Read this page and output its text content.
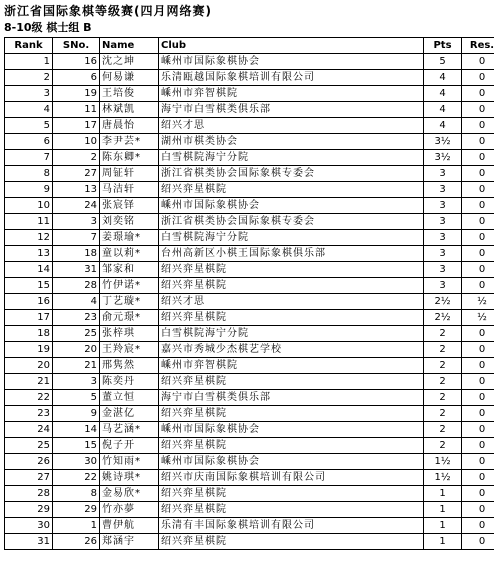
浙江省国际象棋等级赛(四月网络赛)
8-10级 棋士组 B
Rank	SNo.	Name	Club	Pts	Res.
1	16	沈之坤	嵊州市国际象棋协会	5	0
2	6	何易谦	乐清瓯越国际象棋培训有限公司	4	0
3	19	王培俊	嵊州市弈智棋院	4	0
4	11	林斌凯	海宁市白雪棋类俱乐部	4	0
5	17	唐晨怡	绍兴才思	4	0
6	10	李尹芸*	湖州市棋类协会	3½	0
7	2	陈东卿*	白雪棋院海宁分院	3½	0
8	27	周钲轩	浙江省棋类协会国际象棋专委会	3	0
9	13	马洁轩	绍兴弈星棋院	3	0
10	24	张宸铎	嵊州市国际象棋协会	3	0
11	3	刘奕铭	浙江省棋类协会国际象棋专委会	3	0
12	7	姜璟瑜*	白雪棋院海宁分院	3	0
13	18	童以莉*	台州高新区小棋王国际象棋俱乐部	3	0
14	31	邹家和	绍兴弈星棋院	3	0
15	28	竹伊诺*	绍兴弈星棋院	3	0
16	4	丁艺璇*	绍兴才思	2½	½
17	23	俞元璟*	绍兴弈星棋院	2½	½
18	25	张梓琪	白雪棋院海宁分院	2	0
19	20	王羚宸*	嘉兴市秀城少杰棋艺学校	2	0
20	21	邢隽然	嵊州市弈智棋院	2	0
21	3	陈奕丹	绍兴弈星棋院	2	0
22	5	董立恒	海宁市白雪棋类俱乐部	2	0
23	9	金湛亿	绍兴弈星棋院	2	0
24	14	马艺涵*	嵊州市国际象棋协会	2	0
25	15	倪子开	绍兴弈星棋院	2	0
26	30	竹知雨*	嵊州市国际象棋协会	1½	0
27	22	姚诗琪*	绍兴市庆南国际象棋培训有限公司	1½	0
28	8	金易欣*	绍兴弈星棋院	1	0
29	29	竹亦夢	绍兴弈星棋院	1	0
30	1	曹伊航	乐清有丰国际象棋培训有限公司	1	0
31	26	郑涵宇	绍兴弈星棋院	1	0
